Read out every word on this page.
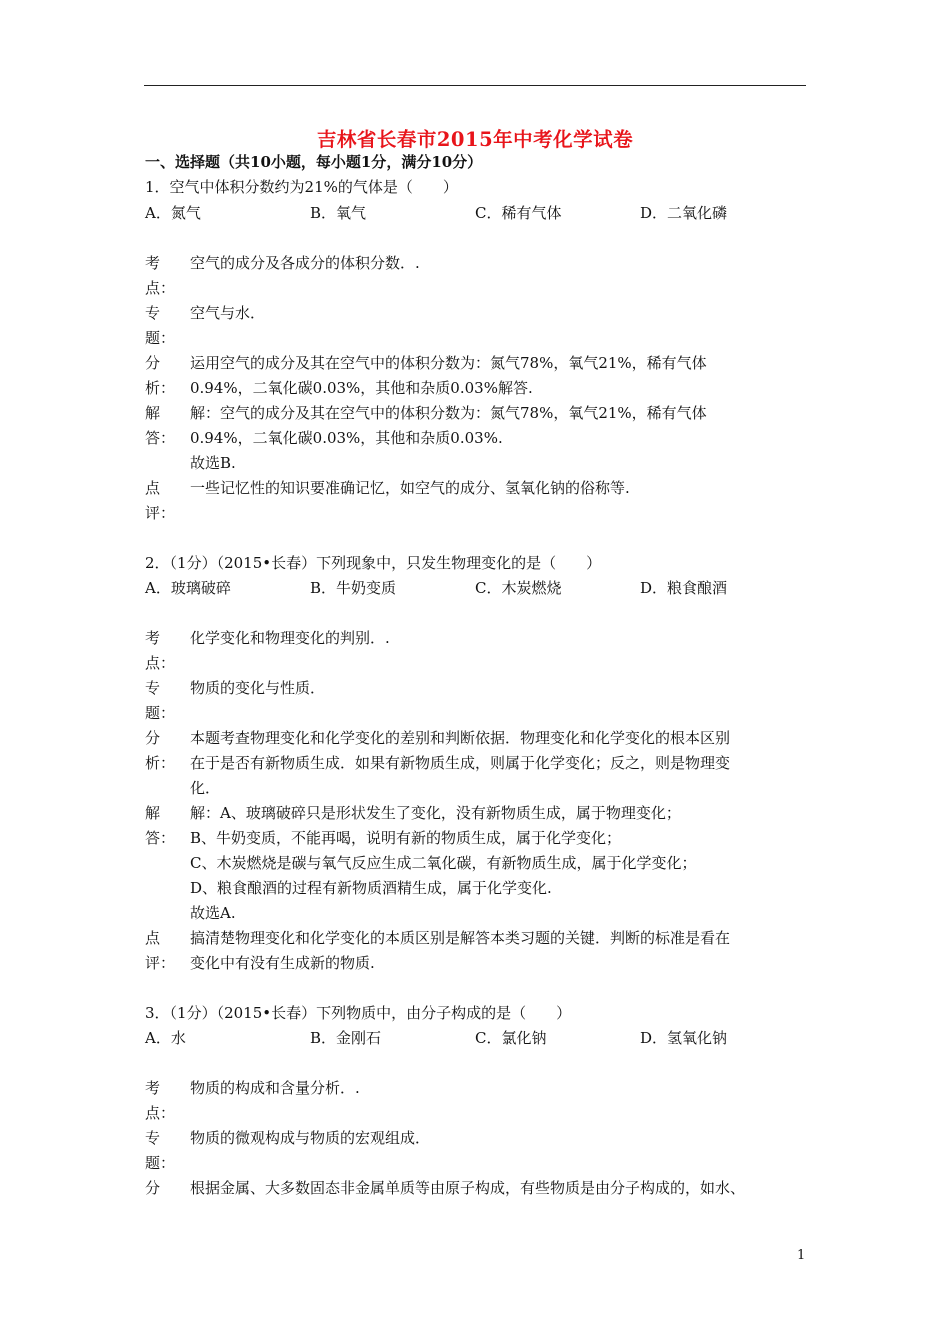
吉林省长春市2015年中考化学试卷
一、选择题（共10小题，每小题1分，满分10分）
1．空气中体积分数约为21%的气体是（　　）
A．氮气	B．氧气	C．稀有气体	D．二氧化磷
考
点：
空气的成分及各成分的体积分数．.
专
题：
空气与水．
分
析：
运用空气的成分及其在空气中的体积分数为：氮气78%，氧气21%，稀有气体
0.94%，二氧化碳0.03%，其他和杂质0.03%解答.
解
答：
解：空气的成分及其在空气中的体积分数为：氮气78%，氧气21%，稀有气体
0.94%，二氧化碳0.03%，其他和杂质0.03%.
故选B.
点
评：
一些记忆性的知识要准确记忆，如空气的成分、氢氧化钠的俗称等.
2．（1分）（2015•长春）下列现象中，只发生物理变化的是（　　）
A．玻璃破碎	B．牛奶变质	C．木炭燃烧	D．粮食酿酒
考
点：
化学变化和物理变化的判别．.
专
题：
物质的变化与性质．
分
析：
本题考查物理变化和化学变化的差别和判断依据．物理变化和化学变化的根本区别
在于是否有新物质生成．如果有新物质生成，则属于化学变化；反之，则是物理变
化．
解
答：
解：A、玻璃破碎只是形状发生了变化，没有新物质生成，属于物理变化；
B、牛奶变质，不能再喝，说明有新的物质生成，属于化学变化；
C、木炭燃烧是碳与氧气反应生成二氧化碳，有新物质生成，属于化学变化；
D、粮食酿酒的过程有新物质酒精生成，属于化学变化.
故选A.
点
评：
搞清楚物理变化和化学变化的本质区别是解答本类习题的关键．判断的标准是看在
变化中有没有生成新的物质.
3．（1分）（2015•长春）下列物质中，由分子构成的是（　　）
A．水	B．金刚石	C．氯化钠	D．氢氧化钠
考
点：
物质的构成和含量分析．.
专
题：
物质的微观构成与物质的宏观组成．
分 根据金属、大多数固态非金属单质等由原子构成，有些物质是由分子构成的，如水、
1
